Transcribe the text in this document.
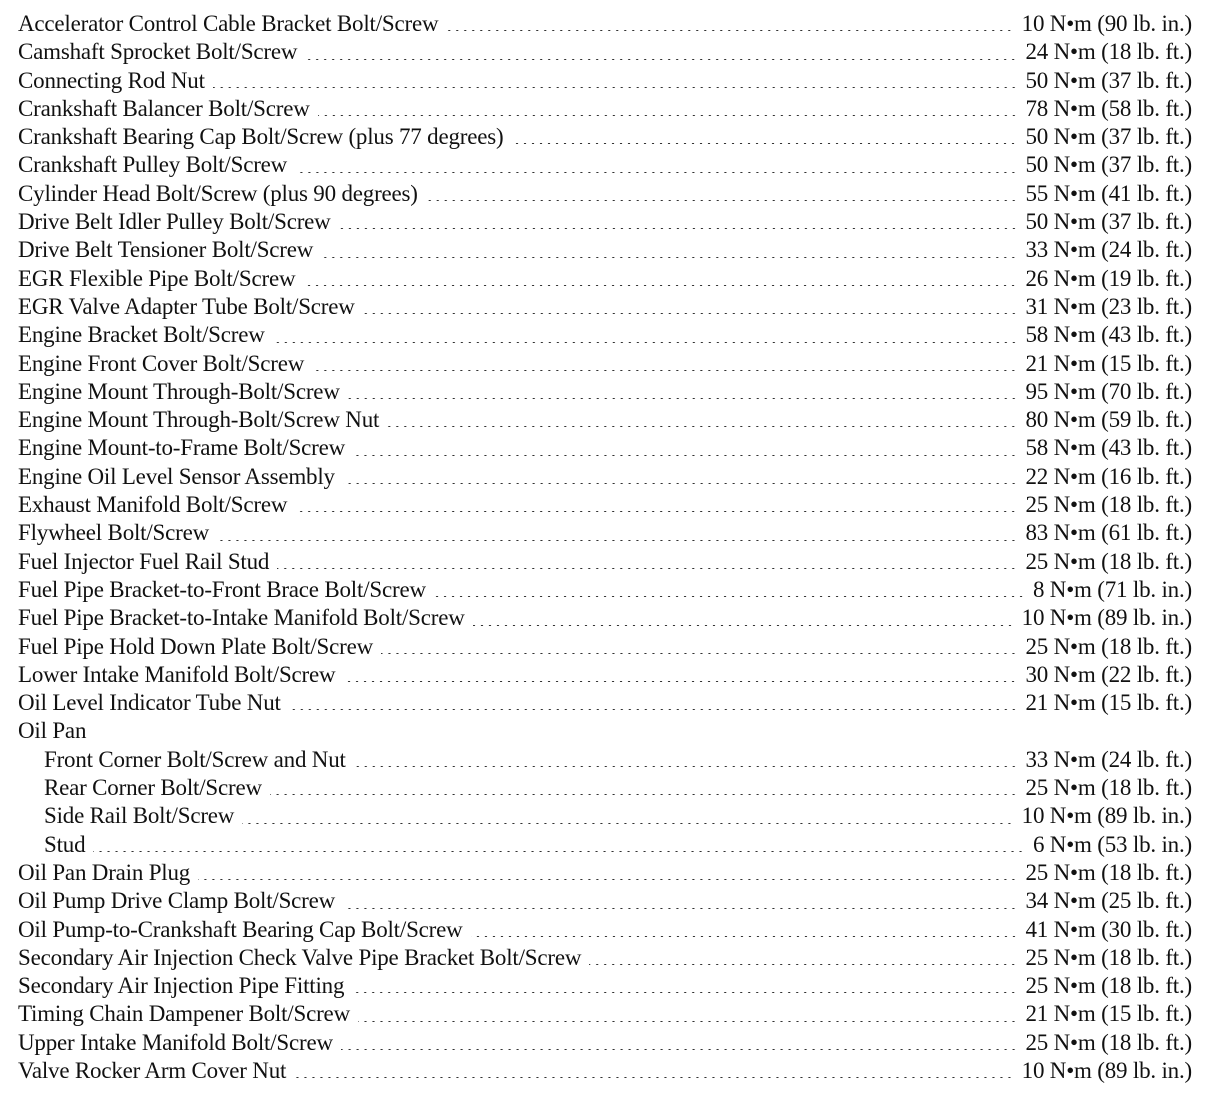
Accelerator Control Cable Bracket Bolt/Screw	10 N•m (90 lb. in.)
Camshaft Sprocket Bolt/Screw	24 N•m (18 lb. ft.)
Connecting Rod Nut	50 N•m (37 lb. ft.)
Crankshaft Balancer Bolt/Screw	78 N•m (58 lb. ft.)
Crankshaft Bearing Cap Bolt/Screw (plus 77 degrees)	50 N•m (37 lb. ft.)
Crankshaft Pulley Bolt/Screw	50 N•m (37 lb. ft.)
Cylinder Head Bolt/Screw (plus 90 degrees)	55 N•m (41 lb. ft.)
Drive Belt Idler Pulley Bolt/Screw	50 N•m (37 lb. ft.)
Drive Belt Tensioner Bolt/Screw	33 N•m (24 lb. ft.)
EGR Flexible Pipe Bolt/Screw	26 N•m (19 lb. ft.)
EGR Valve Adapter Tube Bolt/Screw	31 N•m (23 lb. ft.)
Engine Bracket Bolt/Screw	58 N•m (43 lb. ft.)
Engine Front Cover Bolt/Screw	21 N•m (15 lb. ft.)
Engine Mount Through-Bolt/Screw	95 N•m (70 lb. ft.)
Engine Mount Through-Bolt/Screw Nut	80 N•m (59 lb. ft.)
Engine Mount-to-Frame Bolt/Screw	58 N•m (43 lb. ft.)
Engine Oil Level Sensor Assembly	22 N•m (16 lb. ft.)
Exhaust Manifold Bolt/Screw	25 N•m (18 lb. ft.)
Flywheel Bolt/Screw	83 N•m (61 lb. ft.)
Fuel Injector Fuel Rail Stud	25 N•m (18 lb. ft.)
Fuel Pipe Bracket-to-Front Brace Bolt/Screw	8 N•m (71 lb. in.)
Fuel Pipe Bracket-to-Intake Manifold Bolt/Screw	10 N•m (89 lb. in.)
Fuel Pipe Hold Down Plate Bolt/Screw	25 N•m (18 lb. ft.)
Lower Intake Manifold Bolt/Screw	30 N•m (22 lb. ft.)
Oil Level Indicator Tube Nut	21 N•m (15 lb. ft.)
Oil Pan
Front Corner Bolt/Screw and Nut	33 N•m (24 lb. ft.)
Rear Corner Bolt/Screw	25 N•m (18 lb. ft.)
Side Rail Bolt/Screw	10 N•m (89 lb. in.)
Stud	6 N•m (53 lb. in.)
Oil Pan Drain Plug	25 N•m (18 lb. ft.)
Oil Pump Drive Clamp Bolt/Screw	34 N•m (25 lb. ft.)
Oil Pump-to-Crankshaft Bearing Cap Bolt/Screw	41 N•m (30 lb. ft.)
Secondary Air Injection Check Valve Pipe Bracket Bolt/Screw	25 N•m (18 lb. ft.)
Secondary Air Injection Pipe Fitting	25 N•m (18 lb. ft.)
Timing Chain Dampener Bolt/Screw	21 N•m (15 lb. ft.)
Upper Intake Manifold Bolt/Screw	25 N•m (18 lb. ft.)
Valve Rocker Arm Cover Nut	10 N•m (89 lb. in.)
